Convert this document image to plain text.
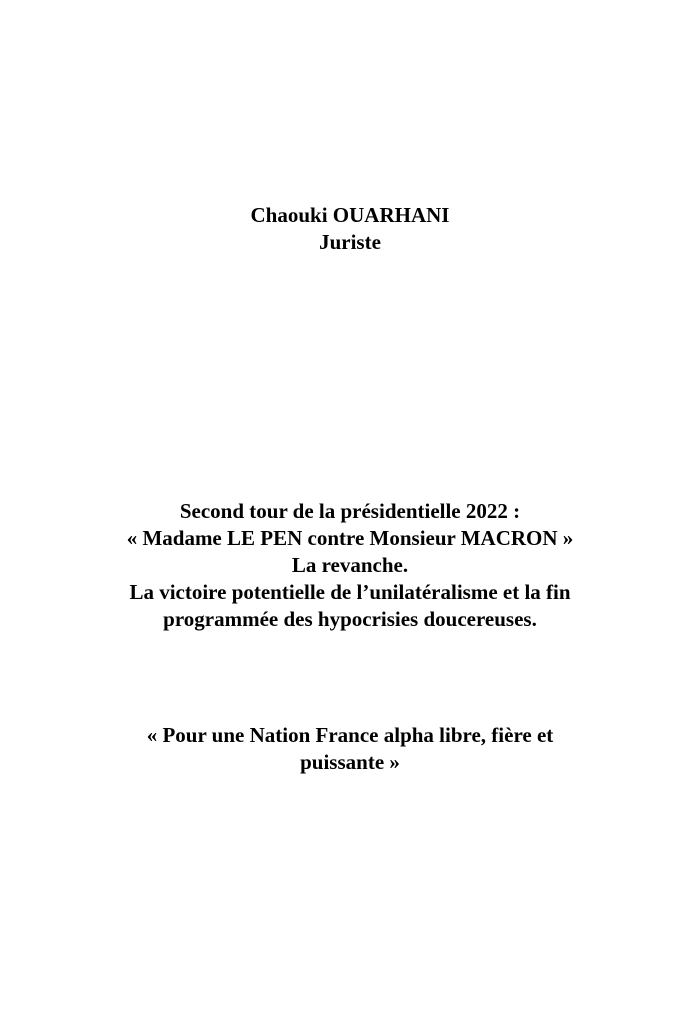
Chaouki OUARHANI
Juriste
Second tour de la présidentielle 2022 :
« Madame LE PEN contre Monsieur MACRON »
La revanche.
La victoire potentielle de l’unilatéralisme et la fin
programmée des hypocrisies doucereuses.
« Pour une Nation France alpha libre, fière et
puissante »
